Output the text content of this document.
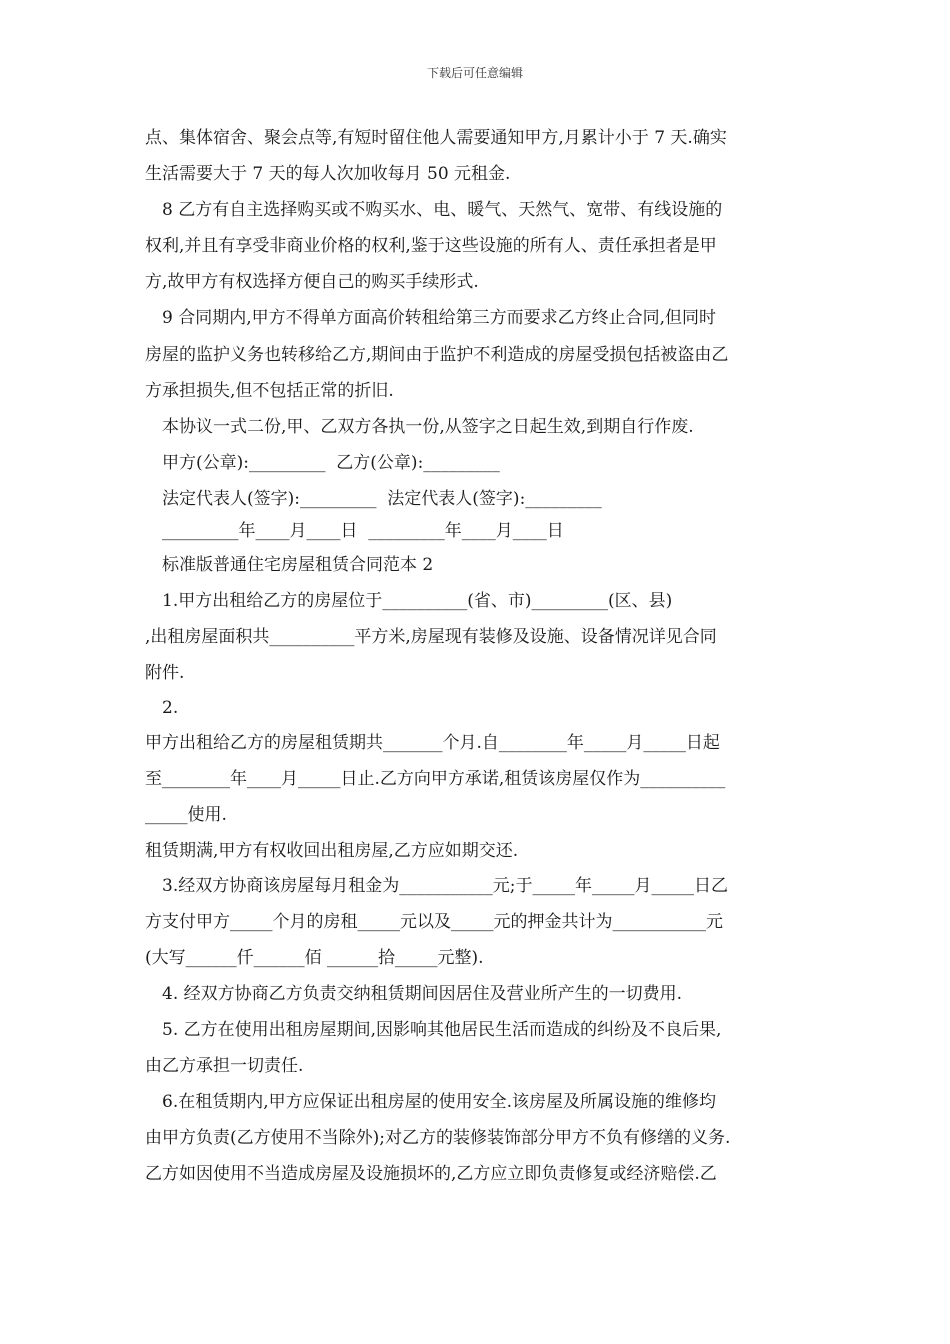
下载后可任意编辑
点、集体宿舍、聚会点等,有短时留住他人需要通知甲方,月累计小于 7 天.确实
生活需要大于 7 天的每人次加收每月 50 元租金.
8 乙方有自主选择购买或不购买水、电、暖气、天然气、宽带、有线设施的
权利,并且有享受非商业价格的权利,鉴于这些设施的所有人、责任承担者是甲
方,故甲方有权选择方便自己的购买手续形式.
9 合同期内,甲方不得单方面高价转租给第三方而要求乙方终止合同,但同时
房屋的监护义务也转移给乙方,期间由于监护不利造成的房屋受损包括被盗由乙
方承担损失,但不包括正常的折旧.
本协议一式二份,甲、乙双方各执一份,从签字之日起生效,到期自行作废.
甲方(公章):_________  乙方(公章):_________
法定代表人(签字):_________  法定代表人(签字):_________
_________年____月____日  _________年____月____日
标准版普通住宅房屋租赁合同范本 2
1.甲方出租给乙方的房屋位于__________(省、市)_________(区、县)
,出租房屋面积共__________平方米,房屋现有装修及设施、设备情况详见合同
附件.
2.
甲方出租给乙方的房屋租赁期共_______个月.自________年_____月_____日起
至________年____月_____日止.乙方向甲方承诺,租赁该房屋仅作为__________
_____使用.
租赁期满,甲方有权收回出租房屋,乙方应如期交还.
3.经双方协商该房屋每月租金为___________元;于_____年_____月_____日乙
方支付甲方_____个月的房租_____元以及_____元的押金共计为___________元
(大写______仟______佰 ______拾_____元整).
4. 经双方协商乙方负责交纳租赁期间因居住及营业所产生的一切费用.
5. 乙方在使用出租房屋期间,因影响其他居民生活而造成的纠纷及不良后果,
由乙方承担一切责任.
6.在租赁期内,甲方应保证出租房屋的使用安全.该房屋及所属设施的维修均
由甲方负责(乙方使用不当除外);对乙方的装修装饰部分甲方不负有修缮的义务.
乙方如因使用不当造成房屋及设施损坏的,乙方应立即负责修复或经济赔偿.乙
